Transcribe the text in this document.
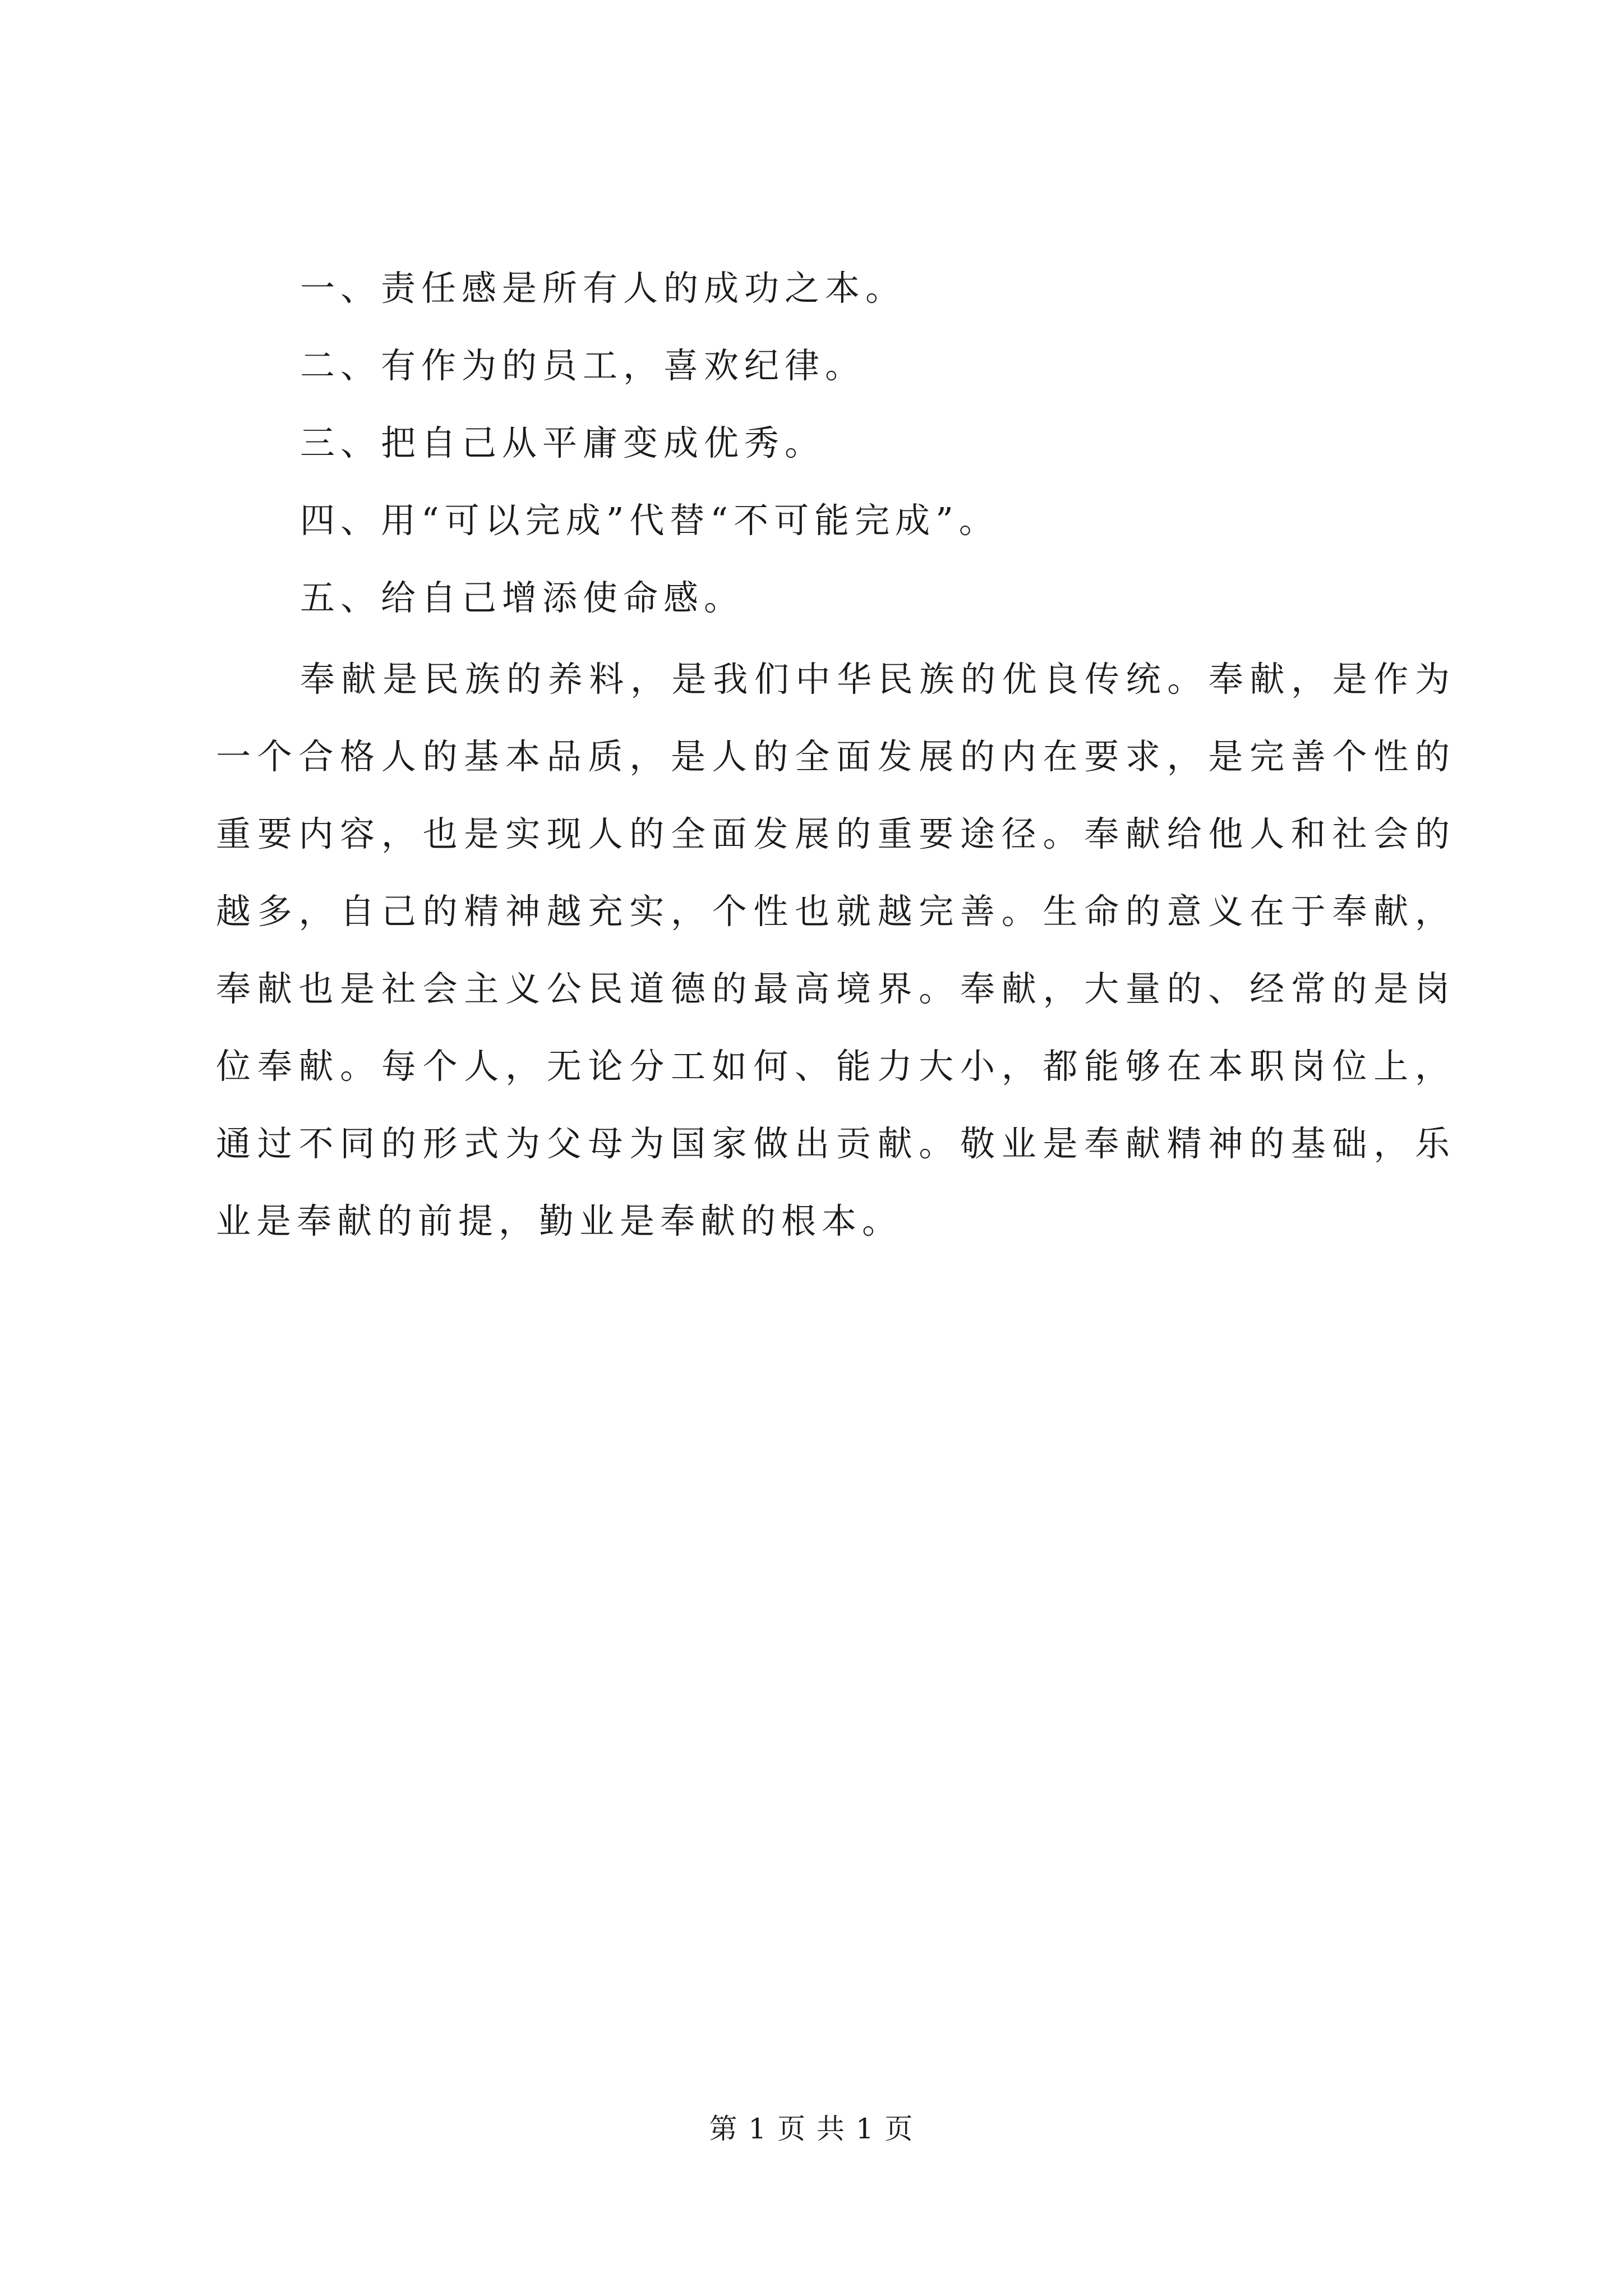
一、责任感是所有人的成功之本。
二、有作为的员工，喜欢纪律。
三、把自己从平庸变成优秀。
四、用“可以完成”代替“不可能完成”。
五、给自己增添使命感。
奉献是民族的养料，是我们中华民族的优良传统。奉献，是作为一个合格人的基本品质，是人的全面发展的内在要求，是完善个性的重要内容，也是实现人的全面发展的重要途径。奉献给他人和社会的越多，自己的精神越充实，个性也就越完善。生命的意义在于奉献，奉献也是社会主义公民道德的最高境界。奉献，大量的、经常的是岗位奉献。每个人，无论分工如何、能力大小，都能够在本职岗位上，通过不同的形式为父母为国家做出贡献。敬业是奉献精神的基础，乐业是奉献的前提，勤业是奉献的根本。
第 1 页 共 1 页
